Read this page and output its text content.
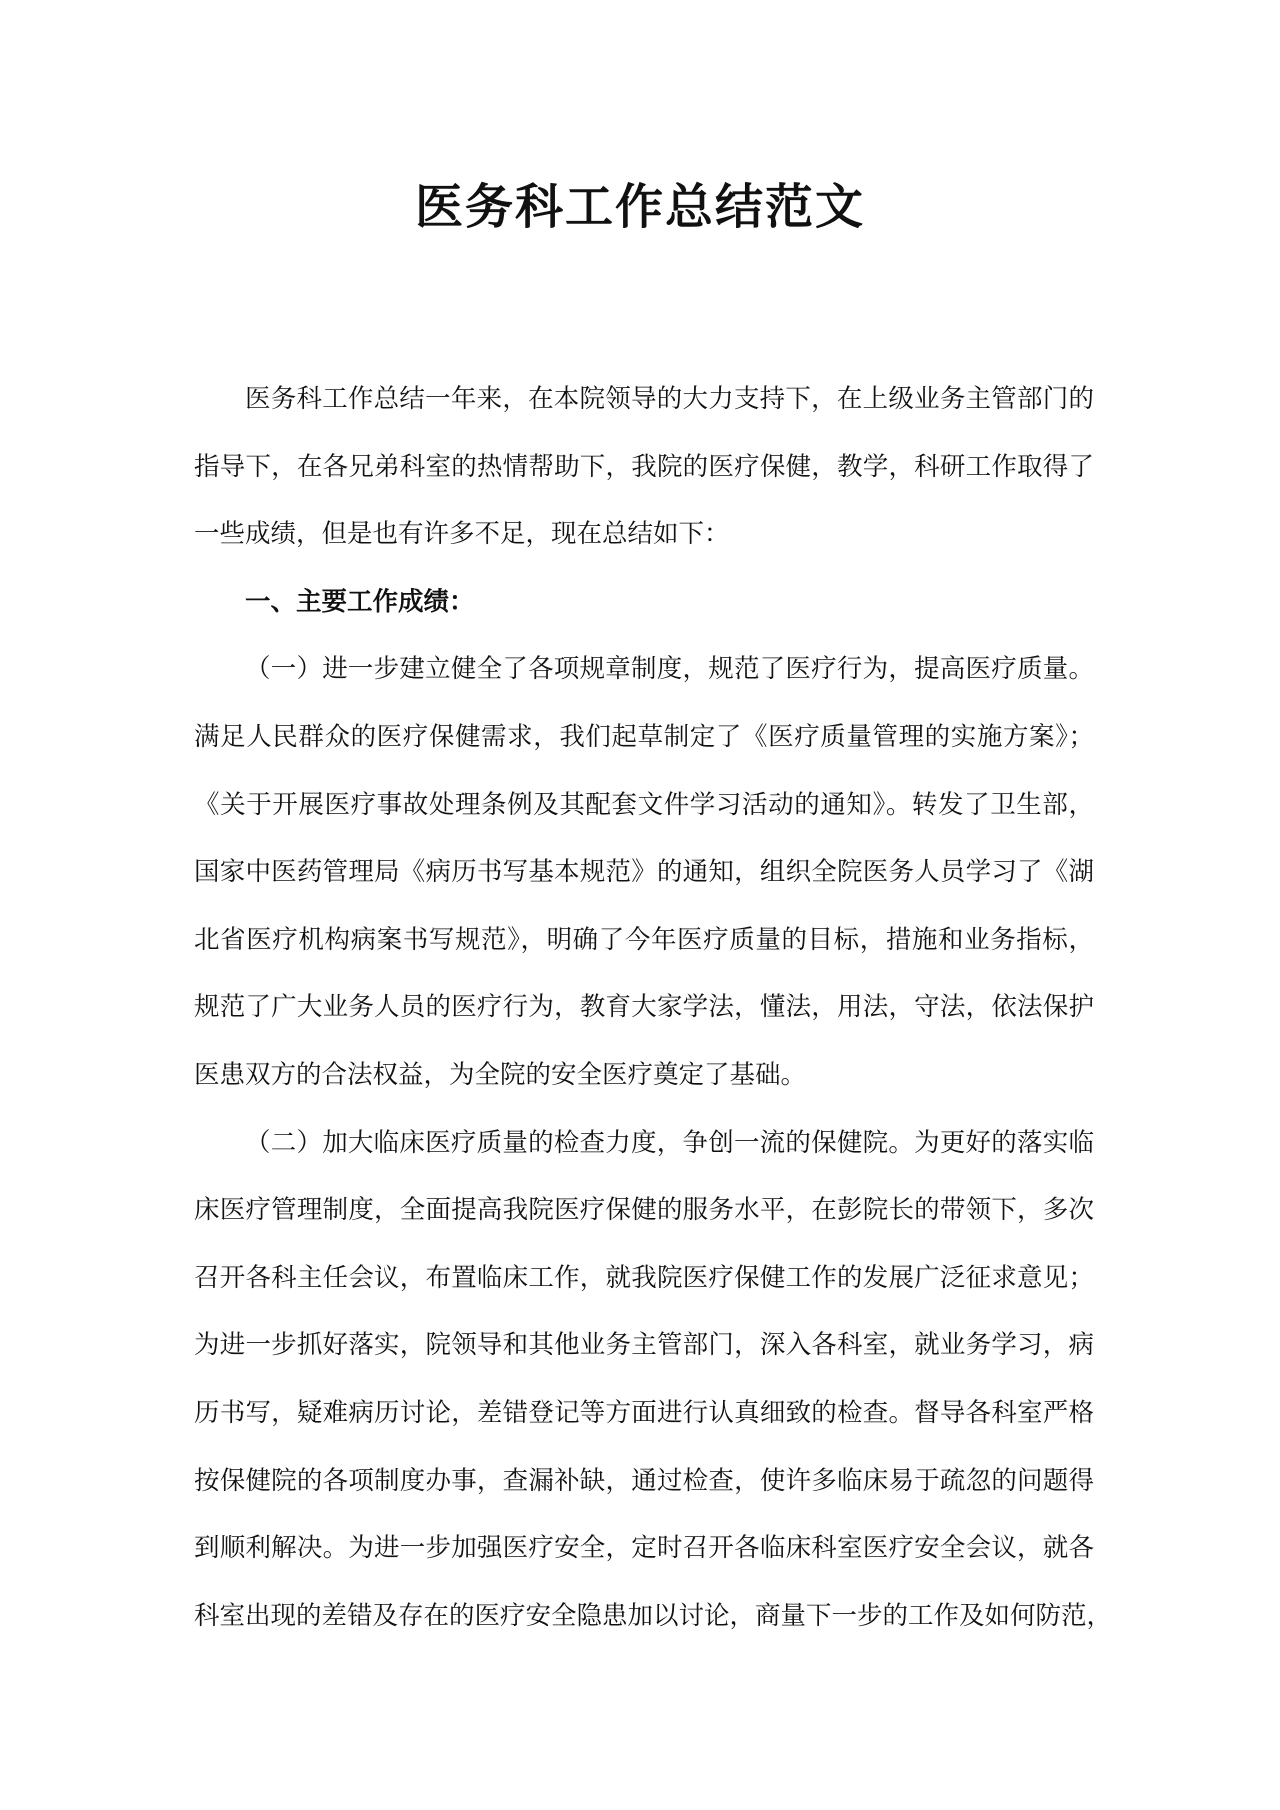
医务科工作总结范文
医务科工作总结一年来，在本院领导的大力支持下，在上级业务主管部门的
指导下，在各兄弟科室的热情帮助下，我院的医疗保健，教学，科研工作取得了
一些成绩，但是也有许多不足，现在总结如下：
一、主要工作成绩：
（一）进一步建立健全了各项规章制度，规范了医疗行为，提高医疗质量。
满足人民群众的医疗保健需求，我们起草制定了《医疗质量管理的实施方案》；
《关于开展医疗事故处理条例及其配套文件学习活动的通知》。转发了卫生部，
国家中医药管理局《病历书写基本规范》的通知，组织全院医务人员学习了《湖
北省医疗机构病案书写规范》，明确了今年医疗质量的目标，措施和业务指标，
规范了广大业务人员的医疗行为，教育大家学法，懂法，用法，守法，依法保护
医患双方的合法权益，为全院的安全医疗奠定了基础。
（二）加大临床医疗质量的检查力度，争创一流的保健院。为更好的落实临
床医疗管理制度，全面提高我院医疗保健的服务水平，在彭院长的带领下，多次
召开各科主任会议，布置临床工作，就我院医疗保健工作的发展广泛征求意见；
为进一步抓好落实，院领导和其他业务主管部门，深入各科室，就业务学习，病
历书写，疑难病历讨论，差错登记等方面进行认真细致的检查。督导各科室严格
按保健院的各项制度办事，查漏补缺，通过检查，使许多临床易于疏忽的问题得
到顺利解决。为进一步加强医疗安全，定时召开各临床科室医疗安全会议，就各
科室出现的差错及存在的医疗安全隐患加以讨论，商量下一步的工作及如何防范，
